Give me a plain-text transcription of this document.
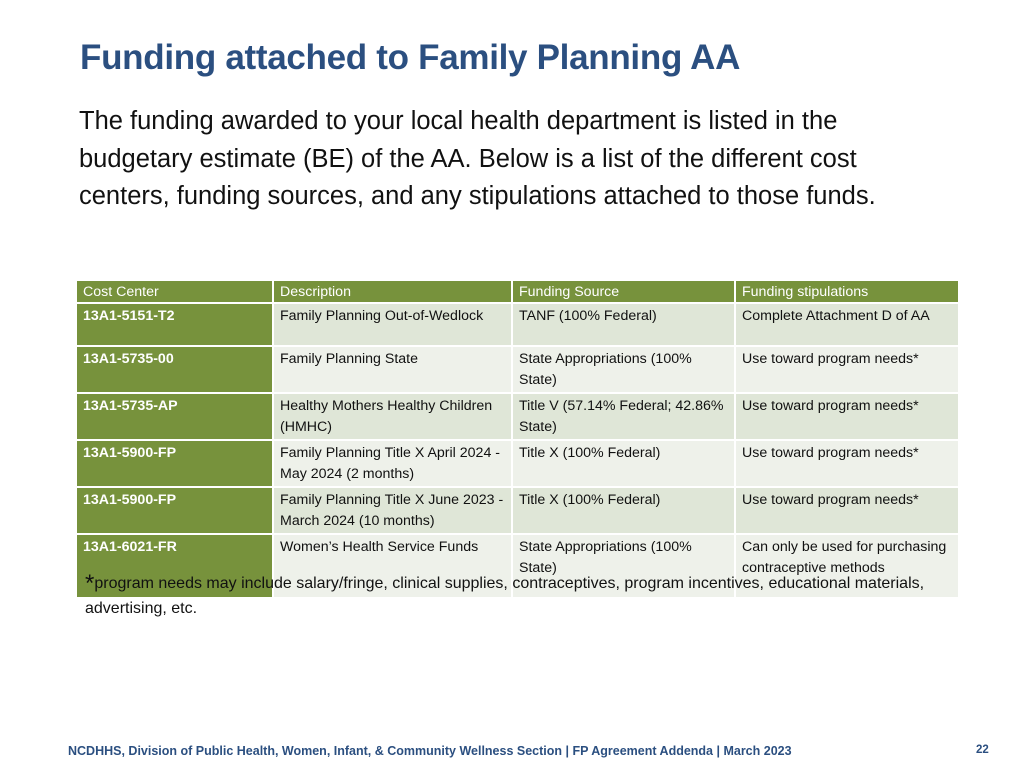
Funding attached to Family Planning AA
The funding awarded to your local health department is listed in the budgetary estimate (BE) of the AA. Below is a list of the different cost centers, funding sources, and any stipulations attached to those funds.
Cost Center	Description	Funding Source	Funding stipulations
13A1-5151-T2	Family Planning Out-of-Wedlock	TANF (100% Federal)	Complete Attachment D of AA
13A1-5735-00	Family Planning State	State Appropriations (100% State)	Use toward program needs*
13A1-5735-AP	Healthy Mothers Healthy Children (HMHC)	Title V (57.14% Federal; 42.86% State)	Use toward program needs*
13A1-5900-FP	Family Planning Title X April 2024 - May 2024 (2 months)	Title X (100% Federal)	Use toward program needs*
13A1-5900-FP	Family Planning Title X June 2023 - March 2024 (10 months)	Title X (100% Federal)	Use toward program needs*
13A1-6021-FR	Women’s Health Service Funds	State Appropriations (100% State)	Can only be used for purchasing contraceptive methods
*program needs may include salary/fringe, clinical supplies, contraceptives, program incentives, educational materials, advertising, etc.
NCDHHS, Division of Public Health, Women, Infant, & Community Wellness Section | FP Agreement Addenda | March 2023	22
